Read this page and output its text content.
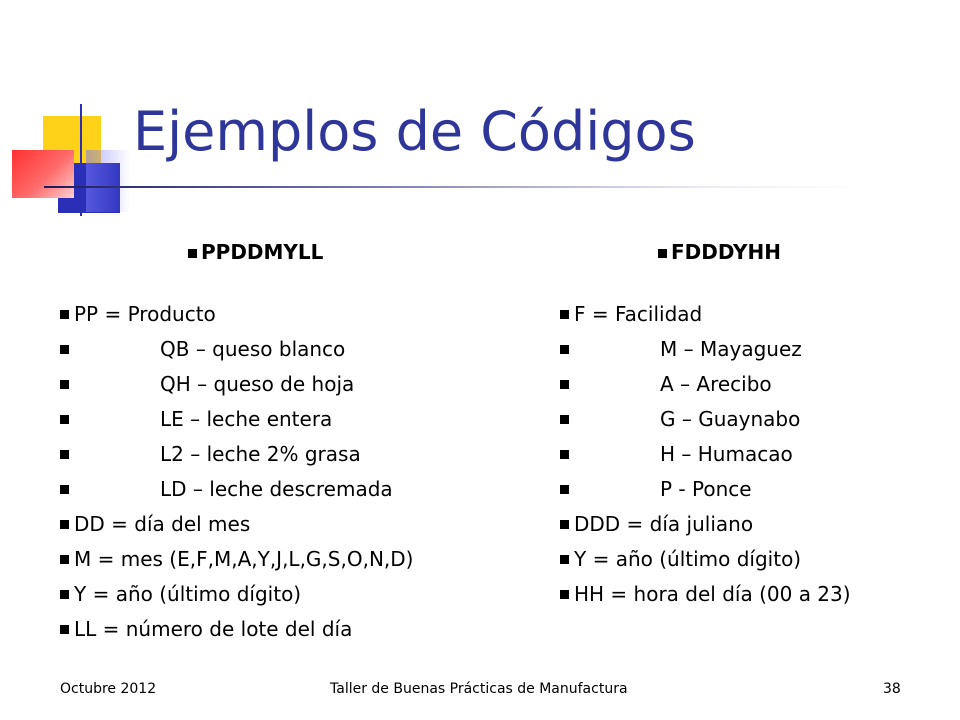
Ejemplos de Códigos
PPDDMYLL
PP = Producto
QB – queso blanco
QH – queso de hoja
LE – leche entera
L2 – leche 2% grasa
LD – leche descremada
DD = día del mes
M = mes (E,F,M,A,Y,J,L,G,S,O,N,D)
Y = año (último dígito)
LL = número de lote del día
FDDDYHH
F = Facilidad
M – Mayaguez
A – Arecibo
G – Guaynabo
H – Humacao
P - Ponce
DDD = día juliano
Y = año (último dígito)
HH = hora del día (00 a 23)
Octubre 2012	Taller de Buenas Prácticas de Manufactura	38
